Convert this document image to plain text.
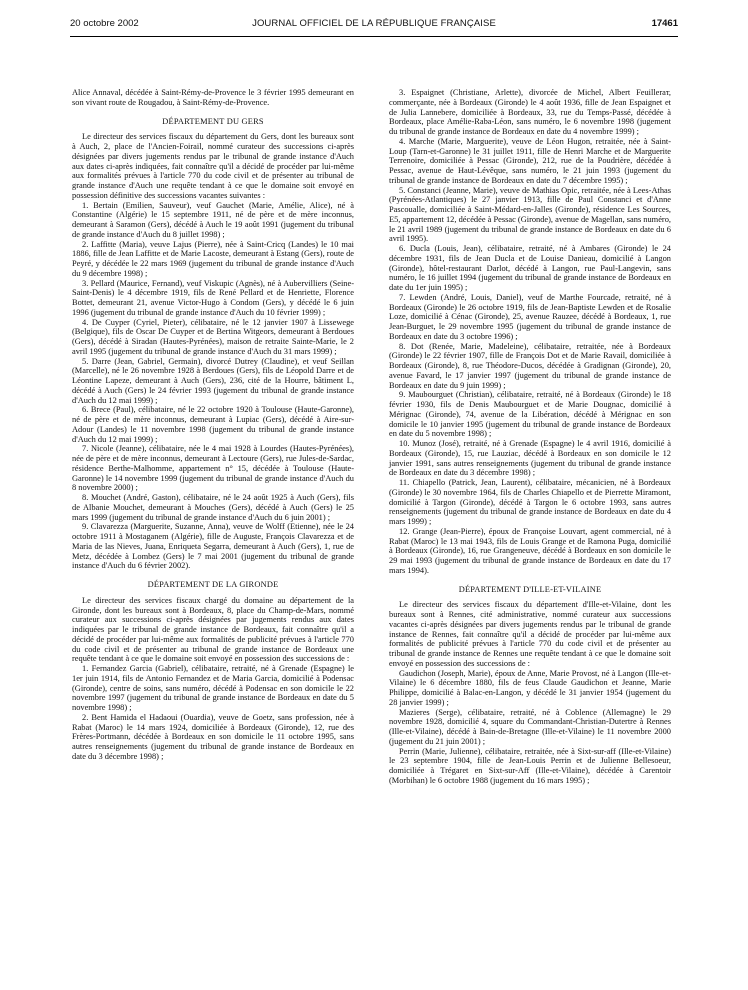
20 octobre 2002	JOURNAL OFFICIEL DE LA RÉPUBLIQUE FRANÇAISE	17461

Alice Annaval, décédée à Saint-Rémy-de-Provence le 3 février 1995 demeurant en son vivant route de Rougadou, à Saint-Rémy-de-Provence.

DÉPARTEMENT DU GERS

Le directeur des services fiscaux du département du Gers, dont les bureaux sont à Auch, 2, place de l'Ancien-Foirail, nommé curateur des successions ci-après désignées par divers jugements rendus par le tribunal de grande instance d'Auch aux dates ci-après indiquées, fait connaître qu'il a décidé de procéder par lui-même aux formalités prévues à l'article 770 du code civil et de présenter au tribunal de grande instance d'Auch une requête tendant à ce que le domaine soit envoyé en possession définitive des successions vacantes suivantes :

1. Bertain (Emilien, Sauveur), veuf Gauchet (Marie, Amélie, Alice), né à Constantine (Algérie) le 15 septembre 1911, né de père et de mère inconnus, demeurant à Saramon (Gers), décédé à Auch le 19 août 1991 (jugement du tribunal de grande instance d'Auch du 8 juillet 1998) ;

2. Laffitte (Maria), veuve Lajus (Pierre), née à Saint-Cricq (Landes) le 10 mai 1886, fille de Jean Laffitte et de Marie Lacoste, demeurant à Estang (Gers), route de Peyré, y décédée le 22 mars 1969 (jugement du tribunal de grande instance d'Auch du 9 décembre 1998) ;

3. Pellard (Maurice, Fernand), veuf Viskupic (Agnès), né à Aubervilliers (Seine-Saint-Denis) le 4 décembre 1919, fils de René Pellard et de Henriette, Florence Bottet, demeurant 21, avenue Victor-Hugo à Condom (Gers), y décédé le 6 juin 1996 (jugement du tribunal de grande instance d'Auch du 10 février 1999) ;

4. De Cuyper (Cyriel, Pieter), célibataire, né le 12 janvier 1907 à Lissewege (Belgique), fils de Oscar De Cuyper et de Bertina Witgeors, demeurant à Berdoues (Gers), décédé à Siradan (Hautes-Pyrénées), maison de retraite Sainte-Marie, le 2 avril 1995 (jugement du tribunal de grande instance d'Auch du 31 mars 1999) ;

5. Darre (Jean, Gabriel, Germain), divorcé Dutrey (Claudine), et veuf Seillan (Marcelle), né le 26 novembre 1928 à Berdoues (Gers), fils de Léopold Darre et de Léontine Lapeze, demeurant à Auch (Gers), 236, cité de la Hourre, bâtiment L, décédé à Auch (Gers) le 24 février 1993 (jugement du tribunal de grande instance d'Auch du 12 mai 1999) ;

6. Brece (Paul), célibataire, né le 22 octobre 1920 à Toulouse (Haute-Garonne), né de père et de mère inconnus, demeurant à Lupiac (Gers), décédé à Aire-sur-Adour (Landes) le 11 novembre 1998 (jugement du tribunal de grande instance d'Auch du 12 mai 1999) ;

7. Nicole (Jeanne), célibataire, née le 4 mai 1928 à Lourdes (Hautes-Pyrénées), née de père et de mère inconnus, demeurant à Lectoure (Gers), rue Jules-de-Sardac, résidence Berthe-Malhomme, appartement n° 15, décédée à Toulouse (Haute-Garonne) le 14 novembre 1999 (jugement du tribunal de grande instance d'Auch du 8 novembre 2000) ;

8. Mouchet (André, Gaston), célibataire, né le 24 août 1925 à Auch (Gers), fils de Albanie Mouchet, demeurant à Mouches (Gers), décédé à Auch (Gers) le 25 mars 1999 (jugement du tribunal de grande instance d'Auch du 6 juin 2001) ;

9. Clavarezza (Marguerite, Suzanne, Anna), veuve de Wolff (Etienne), née le 24 octobre 1911 à Mostaganem (Algérie), fille de Auguste, François Clavarezza et de Maria de las Nieves, Juana, Enriqueta Segarra, demeurant à Auch (Gers), 1, rue de Metz, décédée à Lombez (Gers) le 7 mai 2001 (jugement du tribunal de grande instance d'Auch du 6 février 2002).

DÉPARTEMENT DE LA GIRONDE

Le directeur des services fiscaux chargé du domaine au département de la Gironde, dont les bureaux sont à Bordeaux, 8, place du Champ-de-Mars, nommé curateur aux successions ci-après désignées par jugements rendus aux dates indiquées par le tribunal de grande instance de Bordeaux, fait connaître qu'il a décidé de procéder par lui-même aux formalités de publicité prévues à l'article 770 du code civil et de présenter au tribunal de grande instance de Bordeaux une requête tendant à ce que le domaine soit envoyé en possession des successions de :

1. Fernandez Garcia (Gabriel), célibataire, retraité, né à Grenade (Espagne) le 1er juin 1914, fils de Antonio Fernandez et de Maria Garcia, domicilié à Podensac (Gironde), centre de soins, sans numéro, décédé à Podensac en son domicile le 22 novembre 1997 (jugement du tribunal de grande instance de Bordeaux en date du 5 novembre 1998) ;

2. Bent Hamida el Hadaoui (Ouardia), veuve de Goetz, sans profession, née à Rabat (Maroc) le 14 mars 1924, domiciliée à Bordeaux (Gironde), 12, rue des Frères-Portmann, décédée à Bordeaux en son domicile le 11 octobre 1995, sans autres renseignements (jugement du tribunal de grande instance de Bordeaux en date du 3 décembre 1998) ;

3. Espaignet (Christiane, Arlette), divorcée de Michel, Albert Feuilleraт, commerçante, née à Bordeaux (Gironde) le 4 août 1936, fille de Jean Espaignet et de Julia Lannebere, domiciliée à Bordeaux, 33, rue du Temps-Passé, décédée à Bordeaux, place Amélie-Raba-Léon, sans numéro, le 6 novembre 1998 (jugement du tribunal de grande instance de Bordeaux en date du 4 novembre 1999) ;

4. Marche (Marie, Marguerite), veuve de Léon Hugon, retraitée, née à Saint-Loup (Tarn-et-Garonne) le 31 juillet 1911, fille de Henri Marche et de Marguerite Terrenoire, domiciliée à Pessac (Gironde), 212, rue de la Poudrière, décédée à Pessac, avenue de Haut-Lévêque, sans numéro, le 21 juin 1993 (jugement du tribunal de grande instance de Bordeaux en date du 7 décembre 1995) ;

5. Constanci (Jeanne, Marie), veuve de Mathias Opic, retraitée, née à Lees-Athas (Pyrénées-Atlantiques) le 27 janvier 1913, fille de Paul Constanci et d'Anne Pascoualle, domiciliée à Saint-Médard-en-Jalles (Gironde), résidence Les Sources, E5, appartement 12, décédée à Pessac (Gironde), avenue de Magellan, sans numéro, le 21 avril 1989 (jugement du tribunal de grande instance de Bordeaux en date du 6 avril 1995).

6. Ducla (Louis, Jean), célibataire, retraité, né à Ambares (Gironde) le 24 décembre 1931, fils de Jean Ducla et de Louise Danieau, domicilié à Langon (Gironde), hôtel-restaurant Darlot, décédé à Langon, rue Paul-Langevin, sans numéro, le 16 juillet 1994 (jugement du tribunal de grande instance de Bordeaux en date du 1er juin 1995) ;

7. Lewden (André, Louis, Daniel), veuf de Marthe Fourcade, retraité, né à Bordeaux (Gironde) le 26 octobre 1919, fils de Jean-Baptiste Lewden et de Rosalie Loze, domicilié à Cénac (Gironde), 25, avenue Rauzee, décédé à Bordeaux, 1, rue Jean-Burguet, le 29 novembre 1995 (jugement du tribunal de grande instance de Bordeaux en date du 3 octobre 1996) ;

8. Dot (Renée, Marie, Madeleine), célibataire, retraitée, née à Bordeaux (Gironde) le 22 février 1907, fille de François Dot et de Marie Ravail, domiciliée à Bordeaux (Gironde), 8, rue Théodore-Ducos, décédée à Gradignan (Gironde), 20, avenue Favard, le 17 janvier 1997 (jugement du tribunal de grande instance de Bordeaux en date du 9 juin 1999) ;

9. Maubourguet (Christian), célibataire, retraité, né à Bordeaux (Gironde) le 18 février 1930, fils de Denis Maubourguet et de Marie Dougnac, domicilié à Mérignac (Gironde), 74, avenue de la Libération, décédé à Mérignac en son domicile le 10 janvier 1995 (jugement du tribunal de grande instance de Bordeaux en date du 5 novembre 1998) ;

10. Munoz (José), retraité, né à Grenade (Espagne) le 4 avril 1916, domicilié à Bordeaux (Gironde), 15, rue Lauziac, décédé à Bordeaux en son domicile le 12 janvier 1991, sans autres renseignements (jugement du tribunal de grande instance de Bordeaux en date du 3 décembre 1998) ;

11. Chiapello (Patrick, Jean, Laurent), célibataire, mécanicien, né à Bordeaux (Gironde) le 30 novembre 1964, fils de Charles Chiapello et de Pierrette Miramont, domicilié à Targon (Gironde), décédé à Targon le 6 octobre 1993, sans autres renseignements (jugement du tribunal de grande instance de Bordeaux en date du 4 mars 1999) ;

12. Grange (Jean-Pierre), époux de Françoise Louvart, agent commercial, né à Rabat (Maroc) le 13 mai 1943, fils de Louis Grange et de Ramona Puga, domicilié à Bordeaux (Gironde), 16, rue Grangeneuve, décédé à Bordeaux en son domicile le 29 mai 1993 (jugement du tribunal de grande instance de Bordeaux en date du 17 mars 1994).

DÉPARTEMENT D'ILLE-ET-VILAINE

Le directeur des services fiscaux du département d'Ille-et-Vilaine, dont les bureaux sont à Rennes, cité administrative, nommé curateur aux successions vacantes ci-après désignées par divers jugements rendus par le tribunal de grande instance de Rennes, fait connaître qu'il a décidé de procéder par lui-même aux formalités de publicité prévues à l'article 770 du code civil et de présenter au tribunal de grande instance de Rennes une requête tendant à ce que le domaine soit envoyé en possession des successions de :

Gaudichon (Joseph, Marie), époux de Anne, Marie Provost, né à Langon (Ille-et-Vilaine) le 6 décembre 1880, fils de feus Claude Gaudichon et Jeanne, Marie Philippe, domicilié à Balac-en-Langon, y décédé le 31 janvier 1954 (jugement du 28 janvier 1999) ;

Mazieres (Serge), célibataire, retraité, né à Coblence (Allemagne) le 29 novembre 1928, domicilié 4, square du Commandant-Christian-Dutertre à Rennes (Ille-et-Vilaine), décédé à Bain-de-Bretagne (Ille-et-Vilaine) le 11 novembre 2000 (jugement du 21 juin 2001) ;

Perrin (Marie, Julienne), célibataire, retraitée, née à Sixt-sur-aff (Ille-et-Vilaine) le 23 septembre 1904, fille de Jean-Louis Perrin et de Julienne Bellesoeur, domiciliée à Trégaret en Sixt-sur-Aff (Ille-et-Vilaine), décédée à Carentoir (Morbihan) le 6 octobre 1988 (jugement du 16 mars 1995) ;
